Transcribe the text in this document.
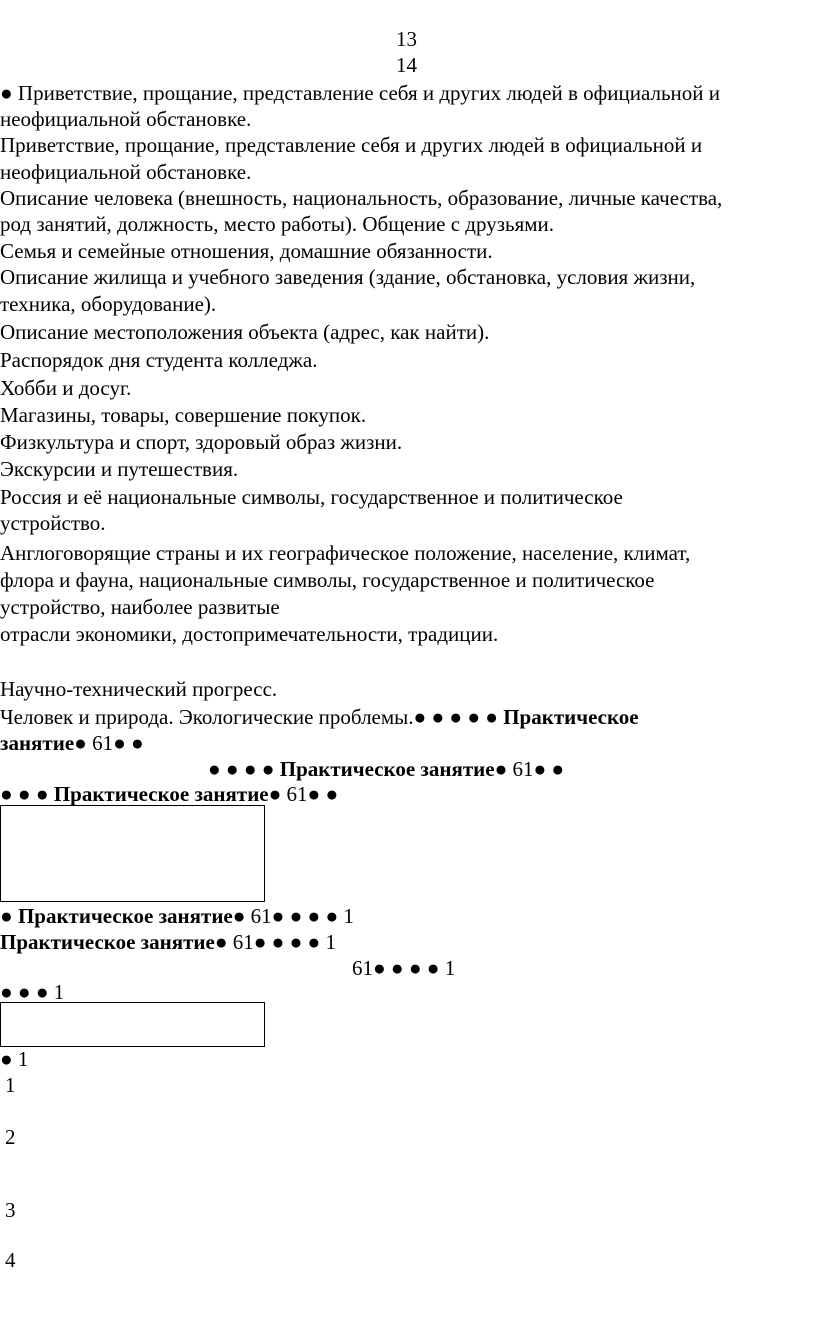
13
14
● Приветствие, прощание, представление себя и других людей в официальной и
неофициальной обстановке.
Приветствие, прощание, представление себя и других людей в официальной и
неофициальной обстановке.
Описание человека (внешность, национальность, образование, личные качества,
род занятий, должность, место работы). Общение с друзьями.
Семья и семейные отношения, домашние обязанности.
Описание жилища и учебного заведения (здание, обстановка, условия жизни,
техника, оборудование).
Описание местоположения объекта (адрес, как найти).
Распорядок дня студента колледжа.
Хобби и досуг.
Магазины, товары, совершение покупок.
Физкультура и спорт, здоровый образ жизни.
Экскурсии и путешествия.
Россия и её национальные символы, государственное и политическое
устройство.
Англоговорящие страны и их географическое положение, население, климат,
флора и фауна, национальные символы, государственное и политическое
устройство, наиболее развитые
отрасли экономики, достопримечательности, традиции.
Научно-технический прогресс.
Человек и природа. Экологические проблемы.● ● ● ● ● Практическое
занятие● 61● ●
● ● ● ● Практическое занятие● 61● ●
● ● ● Практическое занятие● 61● ●
● Практическое занятие● 61● ● ● ● 1
Практическое занятие● 61● ● ● ● 1
61● ● ● ● 1
● ● ● 1
● 1
1
2
3
4
